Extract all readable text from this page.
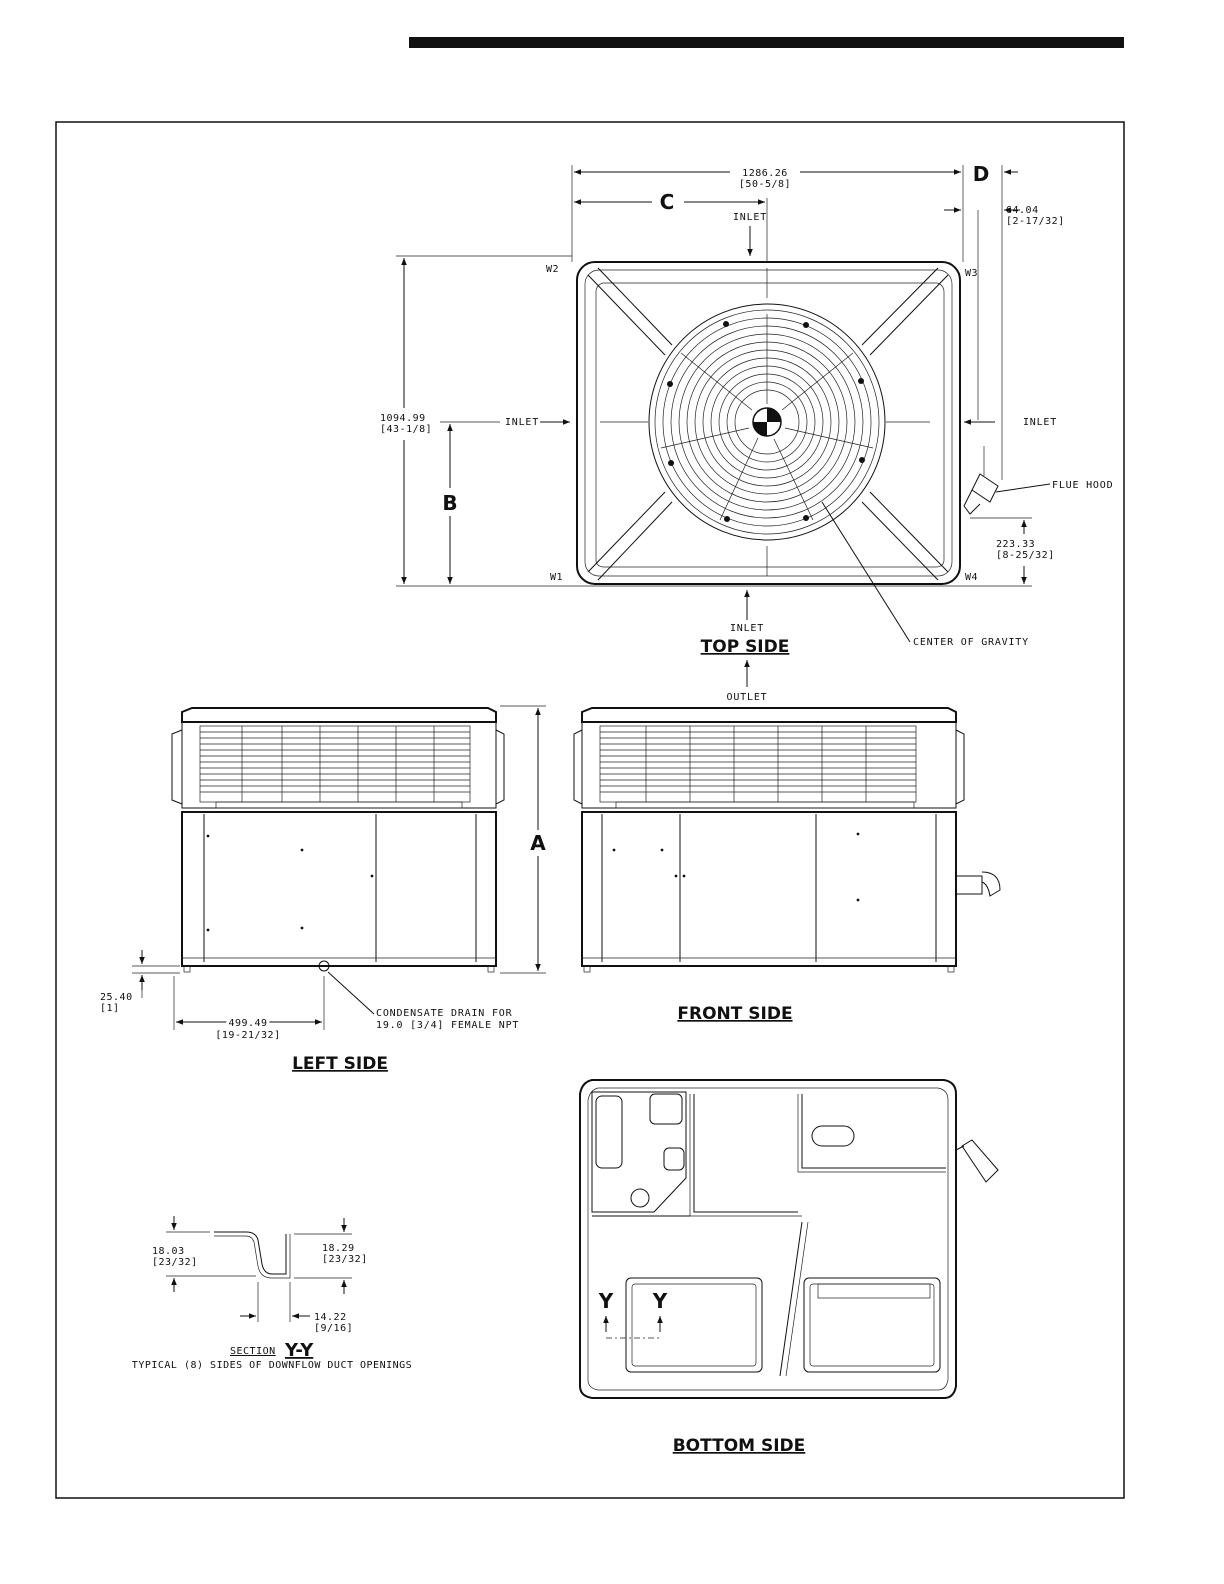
1286.26
[50-5/8]	D
C	64.04
[2-17/32]
INLET
INLET	INLET
INLET
TOP SIDE
OUTLET
W2	W3
W1	W4
1094.99
[43-1/8]
B
223.33
[8-25/32]
FLUE HOOD
CENTER OF GRAVITY
A
25.40
[1]
499.49
[19-21/32]
CONDENSATE DRAIN FOR
19.0 [3/4] FEMALE NPT
LEFT SIDE
FRONT SIDE
Y Y
BOTTOM SIDE
18.03
[23/32]
18.29
[23/32]
14.22
[9/16]
SECTION Y-Y
TYPICAL (8) SIDES OF DOWNFLOW DUCT OPENINGS
